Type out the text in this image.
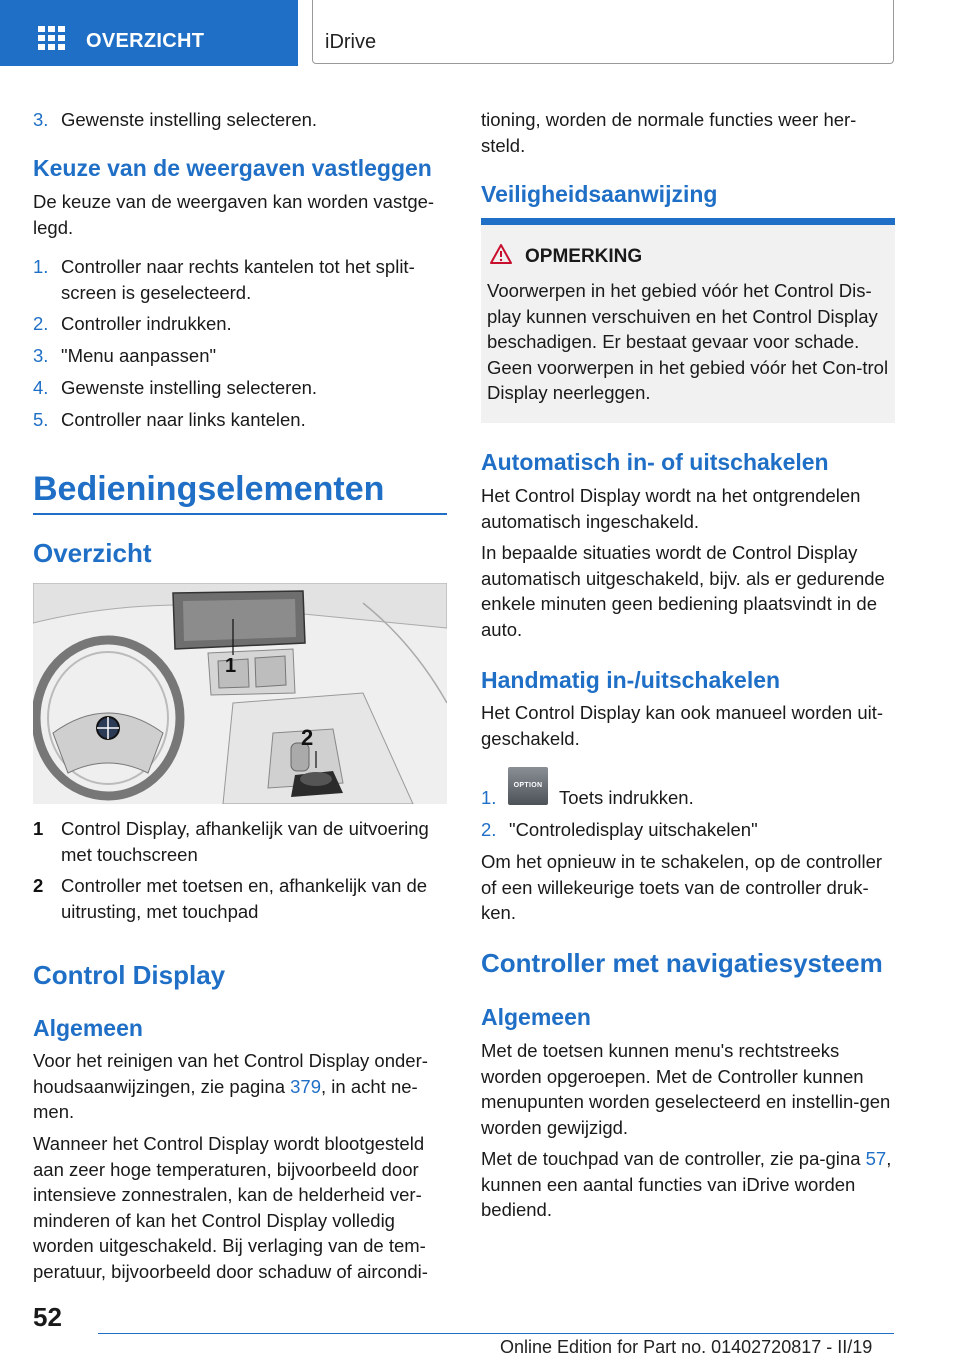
OVERZICHT	iDrive
3. Gewenste instelling selecteren.
Keuze van de weergaven vastleggen
De keuze van de weergaven kan worden vastge-legd.
1. Controller naar rechts kantelen tot het split-screen is geselecteerd.
2. Controller indrukken.
3. "Menu aanpassen"
4. Gewenste instelling selecteren.
5. Controller naar links kantelen.
Bedieningselementen
Overzicht
1
2
1 Control Display, afhankelijk van de uitvoering met touchscreen
2 Controller met toetsen en, afhankelijk van de uitrusting, met touchpad
Control Display
Algemeen
Voor het reinigen van het Control Display onder-houdsaanwijzingen, zie pagina 379, in acht ne-men.
Wanneer het Control Display wordt blootgesteld aan zeer hoge temperaturen, bijvoorbeeld door intensieve zonnestralen, kan de helderheid ver-minderen of kan het Control Display volledig worden uitgeschakeld. Bij verlaging van de tem-peratuur, bijvoorbeeld door schaduw of aircondi-
tioning, worden de normale functies weer her-steld.
Veiligheidsaanwijzing
OPMERKING
Voorwerpen in het gebied vóór het Control Dis-play kunnen verschuiven en het Control Display beschadigen. Er bestaat gevaar voor schade. Geen voorwerpen in het gebied vóór het Con-trol Display neerleggen.
Automatisch in- of uitschakelen
Het Control Display wordt na het ontgrendelen automatisch ingeschakeld.
In bepaalde situaties wordt de Control Display automatisch uitgeschakeld, bijv. als er gedurende enkele minuten geen bediening plaatsvindt in de auto.
Handmatig in-/uitschakelen
Het Control Display kan ook manueel worden uit-geschakeld.
1.	Toets indrukken.
OPTION
2. "Controledisplay uitschakelen"
Om het opnieuw in te schakelen, op de controller of een willekeurige toets van de controller druk-ken.
Controller met navigatiesysteem
Algemeen
Met de toetsen kunnen menu's rechtstreeks worden opgeroepen. Met de Controller kunnen menupunten worden geselecteerd en instellin-gen worden gewijzigd.
Met de touchpad van de controller, zie pa-gina 57, kunnen een aantal functies van iDrive worden bediend.
52
Online Edition for Part no. 01402720817 - II/19
